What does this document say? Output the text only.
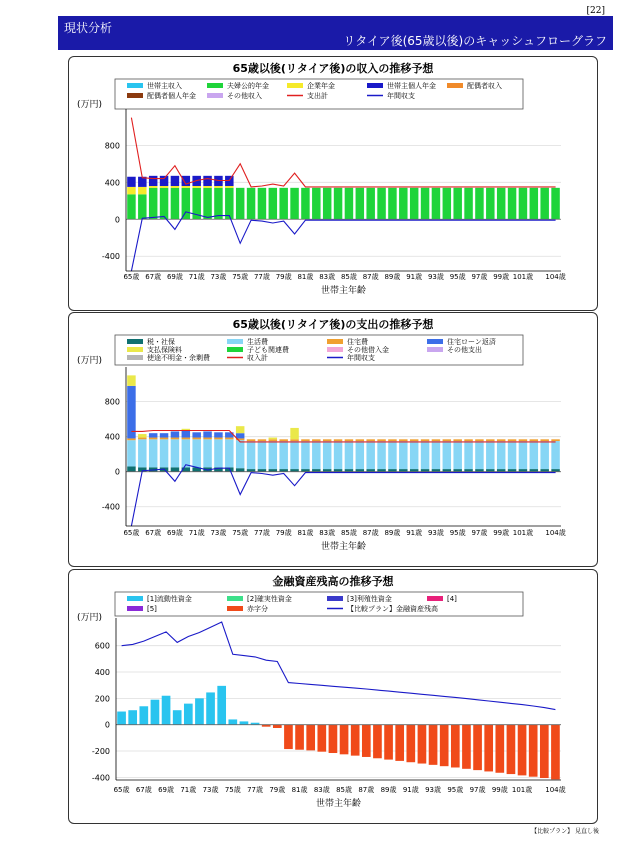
[22]
現状分析
リタイア後(65歳以後)のキャッシュフローグラフ
65歳以後(リタイア後)の収入の推移予想
世帯主収入	夫婦公的年金	企業年金	世帯主個人年金	配偶者収入
配偶者個人年金	その他収入	支出計	年間収支
(万円)
800
400
0
-400
65歳 67歳 69歳 71歳 73歳 75歳 77歳 79歳 81歳 83歳 85歳 87歳 89歳 91歳 93歳 95歳 97歳 99歳 101歳 104歳
世帯主年齢
65歳以後(リタイア後)の支出の推移予想
税・社保	生活費	住宅費	住宅ローン返済
支払保険料	子ども関連費	その他借入金	その他支出
使途不明金・余剰費	収入計	年間収支
(万円)
800
400
0
-400
65歳 67歳 69歳 71歳 73歳 75歳 77歳 79歳 81歳 83歳 85歳 87歳 89歳 91歳 93歳 95歳 97歳 99歳 101歳 104歳
世帯主年齢
金融資産残高の推移予想
[1]流動性資金	[2]確実性資金	[3]利殖性資金	[4]
[5]	赤字分	【比較プラン】金融資産残高
(万円)
600
400
200
0
-200
-400
65歳 67歳 69歳 71歳 73歳 75歳 77歳 79歳 81歳 83歳 85歳 87歳 89歳 91歳 93歳 95歳 97歳 99歳 101歳 104歳
世帯主年齢
【比較プラン】 見直し後
